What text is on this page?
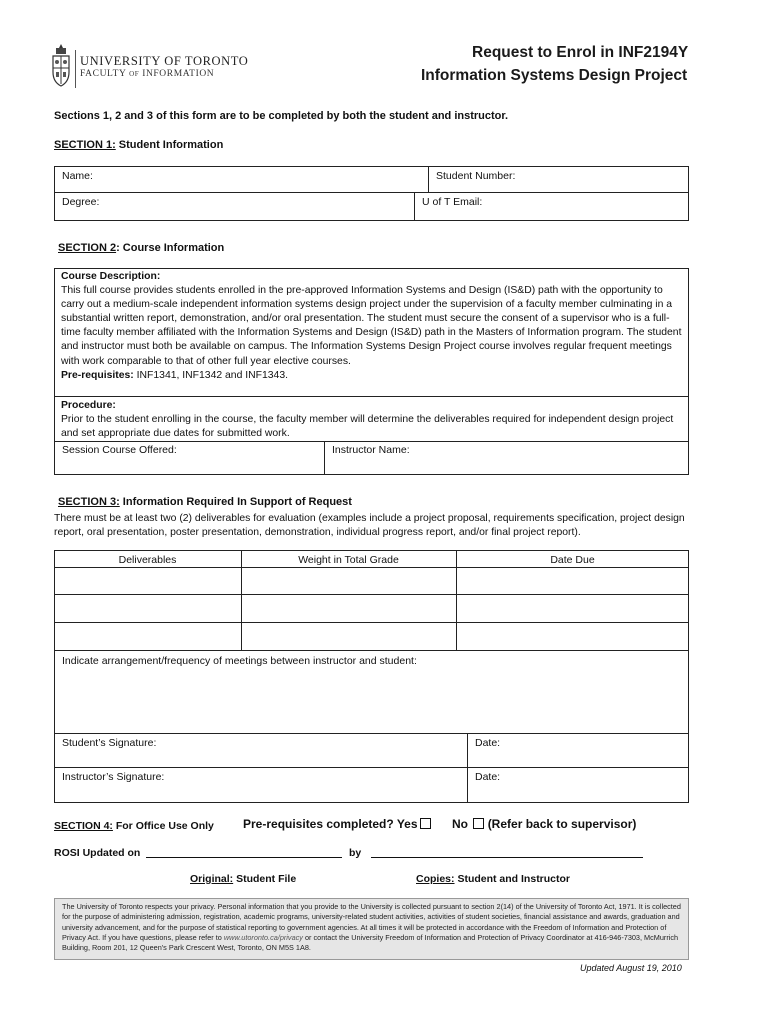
UNIVERSITY OF TORONTO
FACULTY OF INFORMATION
Request to Enrol in INF2194Y
Information Systems Design Project
Sections 1, 2 and 3 of this form are to be completed by both the student and instructor.
SECTION 1: Student Information
Name:	Student Number:
Degree:	U of T Email:
SECTION 2: Course Information
Course Description:
This full course provides students enrolled in the pre-approved Information Systems and Design (IS&D) path with the opportunity to carry out a medium-scale independent information systems design project under the supervision of a faculty member culminating in a substantial written report, demonstration, and/or oral presentation. The student must secure the consent of a supervisor who is a full-time faculty member affiliated with the Information Systems and Design (IS&D) path in the Masters of Information program. The student and instructor must both be available on campus. The Information Systems Design Project course involves regular frequent meetings with work comparable to that of other full year elective courses.
Pre-requisites: INF1341, INF1342 and INF1343.
Procedure:
Prior to the student enrolling in the course, the faculty member will determine the deliverables required for independent design project and set appropriate due dates for submitted work.
Session Course Offered:	Instructor Name:
SECTION 3: Information Required In Support of Request
There must be at least two (2) deliverables for evaluation (examples include a project proposal, requirements specification, project design report, oral presentation, poster presentation, demonstration, individual progress report, and/or final project report).
Deliverables	Weight in Total Grade	Date Due
Indicate arrangement/frequency of meetings between instructor and student:
Student’s Signature:	Date:
Instructor’s Signature:	Date:
SECTION 4: For Office Use Only Pre-requisites completed? Yes	No (Refer back to supervisor)
ROSI Updated on	by
Original: Student File	Copies: Student and Instructor
The University of Toronto respects your privacy. Personal information that you provide to the University is collected pursuant to section 2(14) of the University of Toronto Act, 1971. It is collected for the purpose of administering admission, registration, academic programs, university-related student activities, activities of student societies, financial assistance and awards, graduation and university advancement, and for the purpose of statistical reporting to government agencies. At all times it will be protected in accordance with the Freedom of Information and Protection of Privacy Act. If you have questions, please refer to www.utoronto.ca/privacy or contact the University Freedom of Information and Protection of Privacy Coordinator at 416-946-7303, McMurrich Building, Room 201, 12 Queen's Park Crescent West, Toronto, ON M5S 1A8.
Updated August 19, 2010
